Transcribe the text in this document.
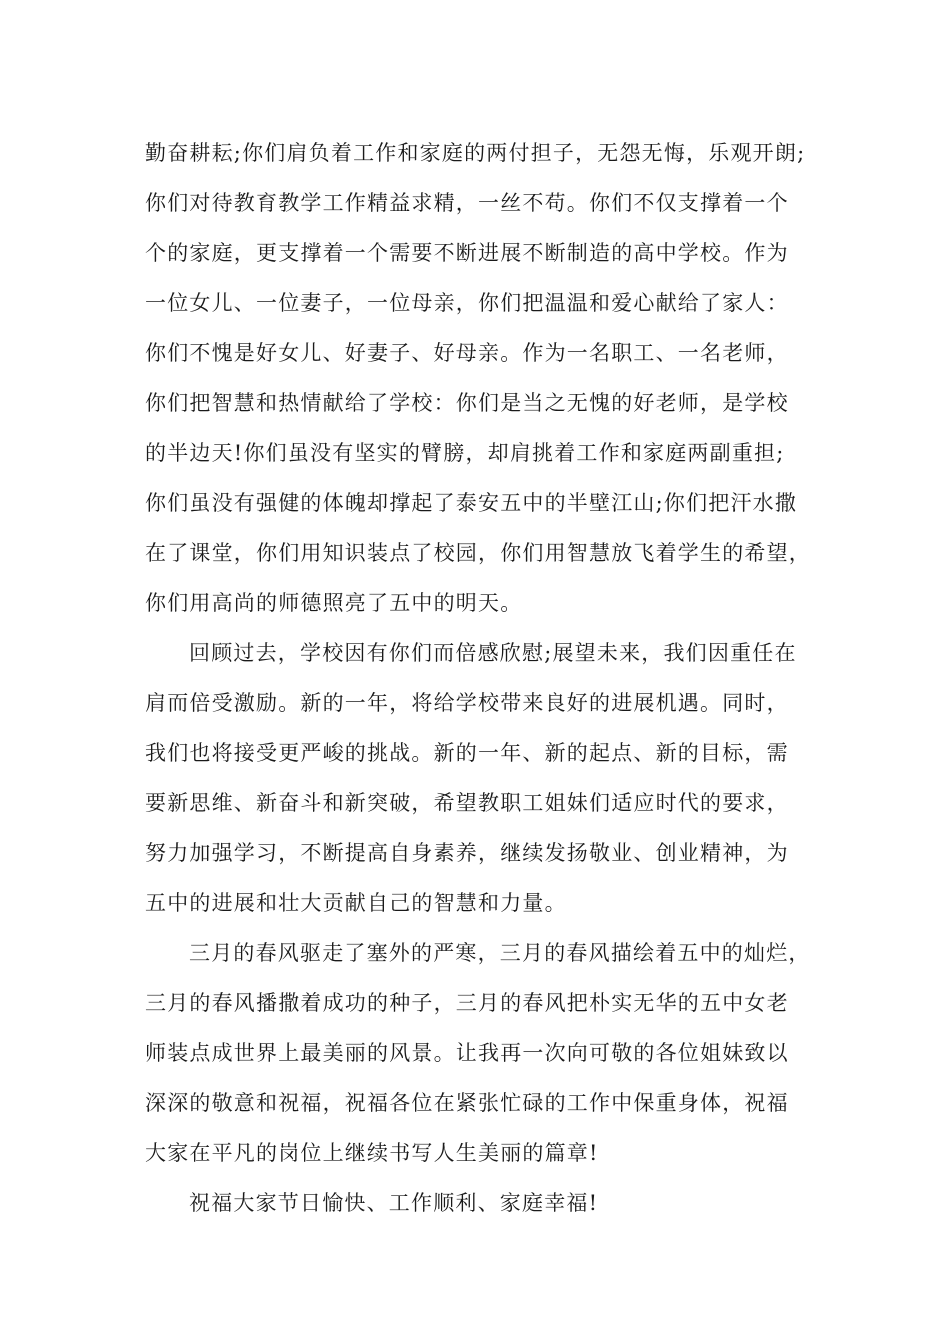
勤奋耕耘;你们肩负着工作和家庭的两付担子，无怨无悔，乐观开朗;
你们对待教育教学工作精益求精，一丝不苟。你们不仅支撑着一个
个的家庭，更支撑着一个需要不断进展不断制造的高中学校。作为
一位女儿、一位妻子，一位母亲，你们把温温和爱心献给了家人：
你们不愧是好女儿、好妻子、好母亲。作为一名职工、一名老师，
你们把智慧和热情献给了学校：你们是当之无愧的好老师，是学校
的半边天!你们虽没有坚实的臂膀，却肩挑着工作和家庭两副重担;
你们虽没有强健的体魄却撑起了泰安五中的半壁江山;你们把汗水撒
在了课堂，你们用知识装点了校园，你们用智慧放飞着学生的希望，
你们用高尚的师德照亮了五中的明天。
回顾过去，学校因有你们而倍感欣慰;展望未来，我们因重任在
肩而倍受激励。新的一年，将给学校带来良好的进展机遇。同时，
我们也将接受更严峻的挑战。新的一年、新的起点、新的目标，需
要新思维、新奋斗和新突破，希望教职工姐妹们适应时代的要求，
努力加强学习，不断提高自身素养，继续发扬敬业、创业精神，为
五中的进展和壮大贡献自己的智慧和力量。
三月的春风驱走了塞外的严寒，三月的春风描绘着五中的灿烂，
三月的春风播撒着成功的种子，三月的春风把朴实无华的五中女老
师装点成世界上最美丽的风景。让我再一次向可敬的各位姐妹致以
深深的敬意和祝福，祝福各位在紧张忙碌的工作中保重身体，祝福
大家在平凡的岗位上继续书写人生美丽的篇章!
祝福大家节日愉快、工作顺利、家庭幸福!
